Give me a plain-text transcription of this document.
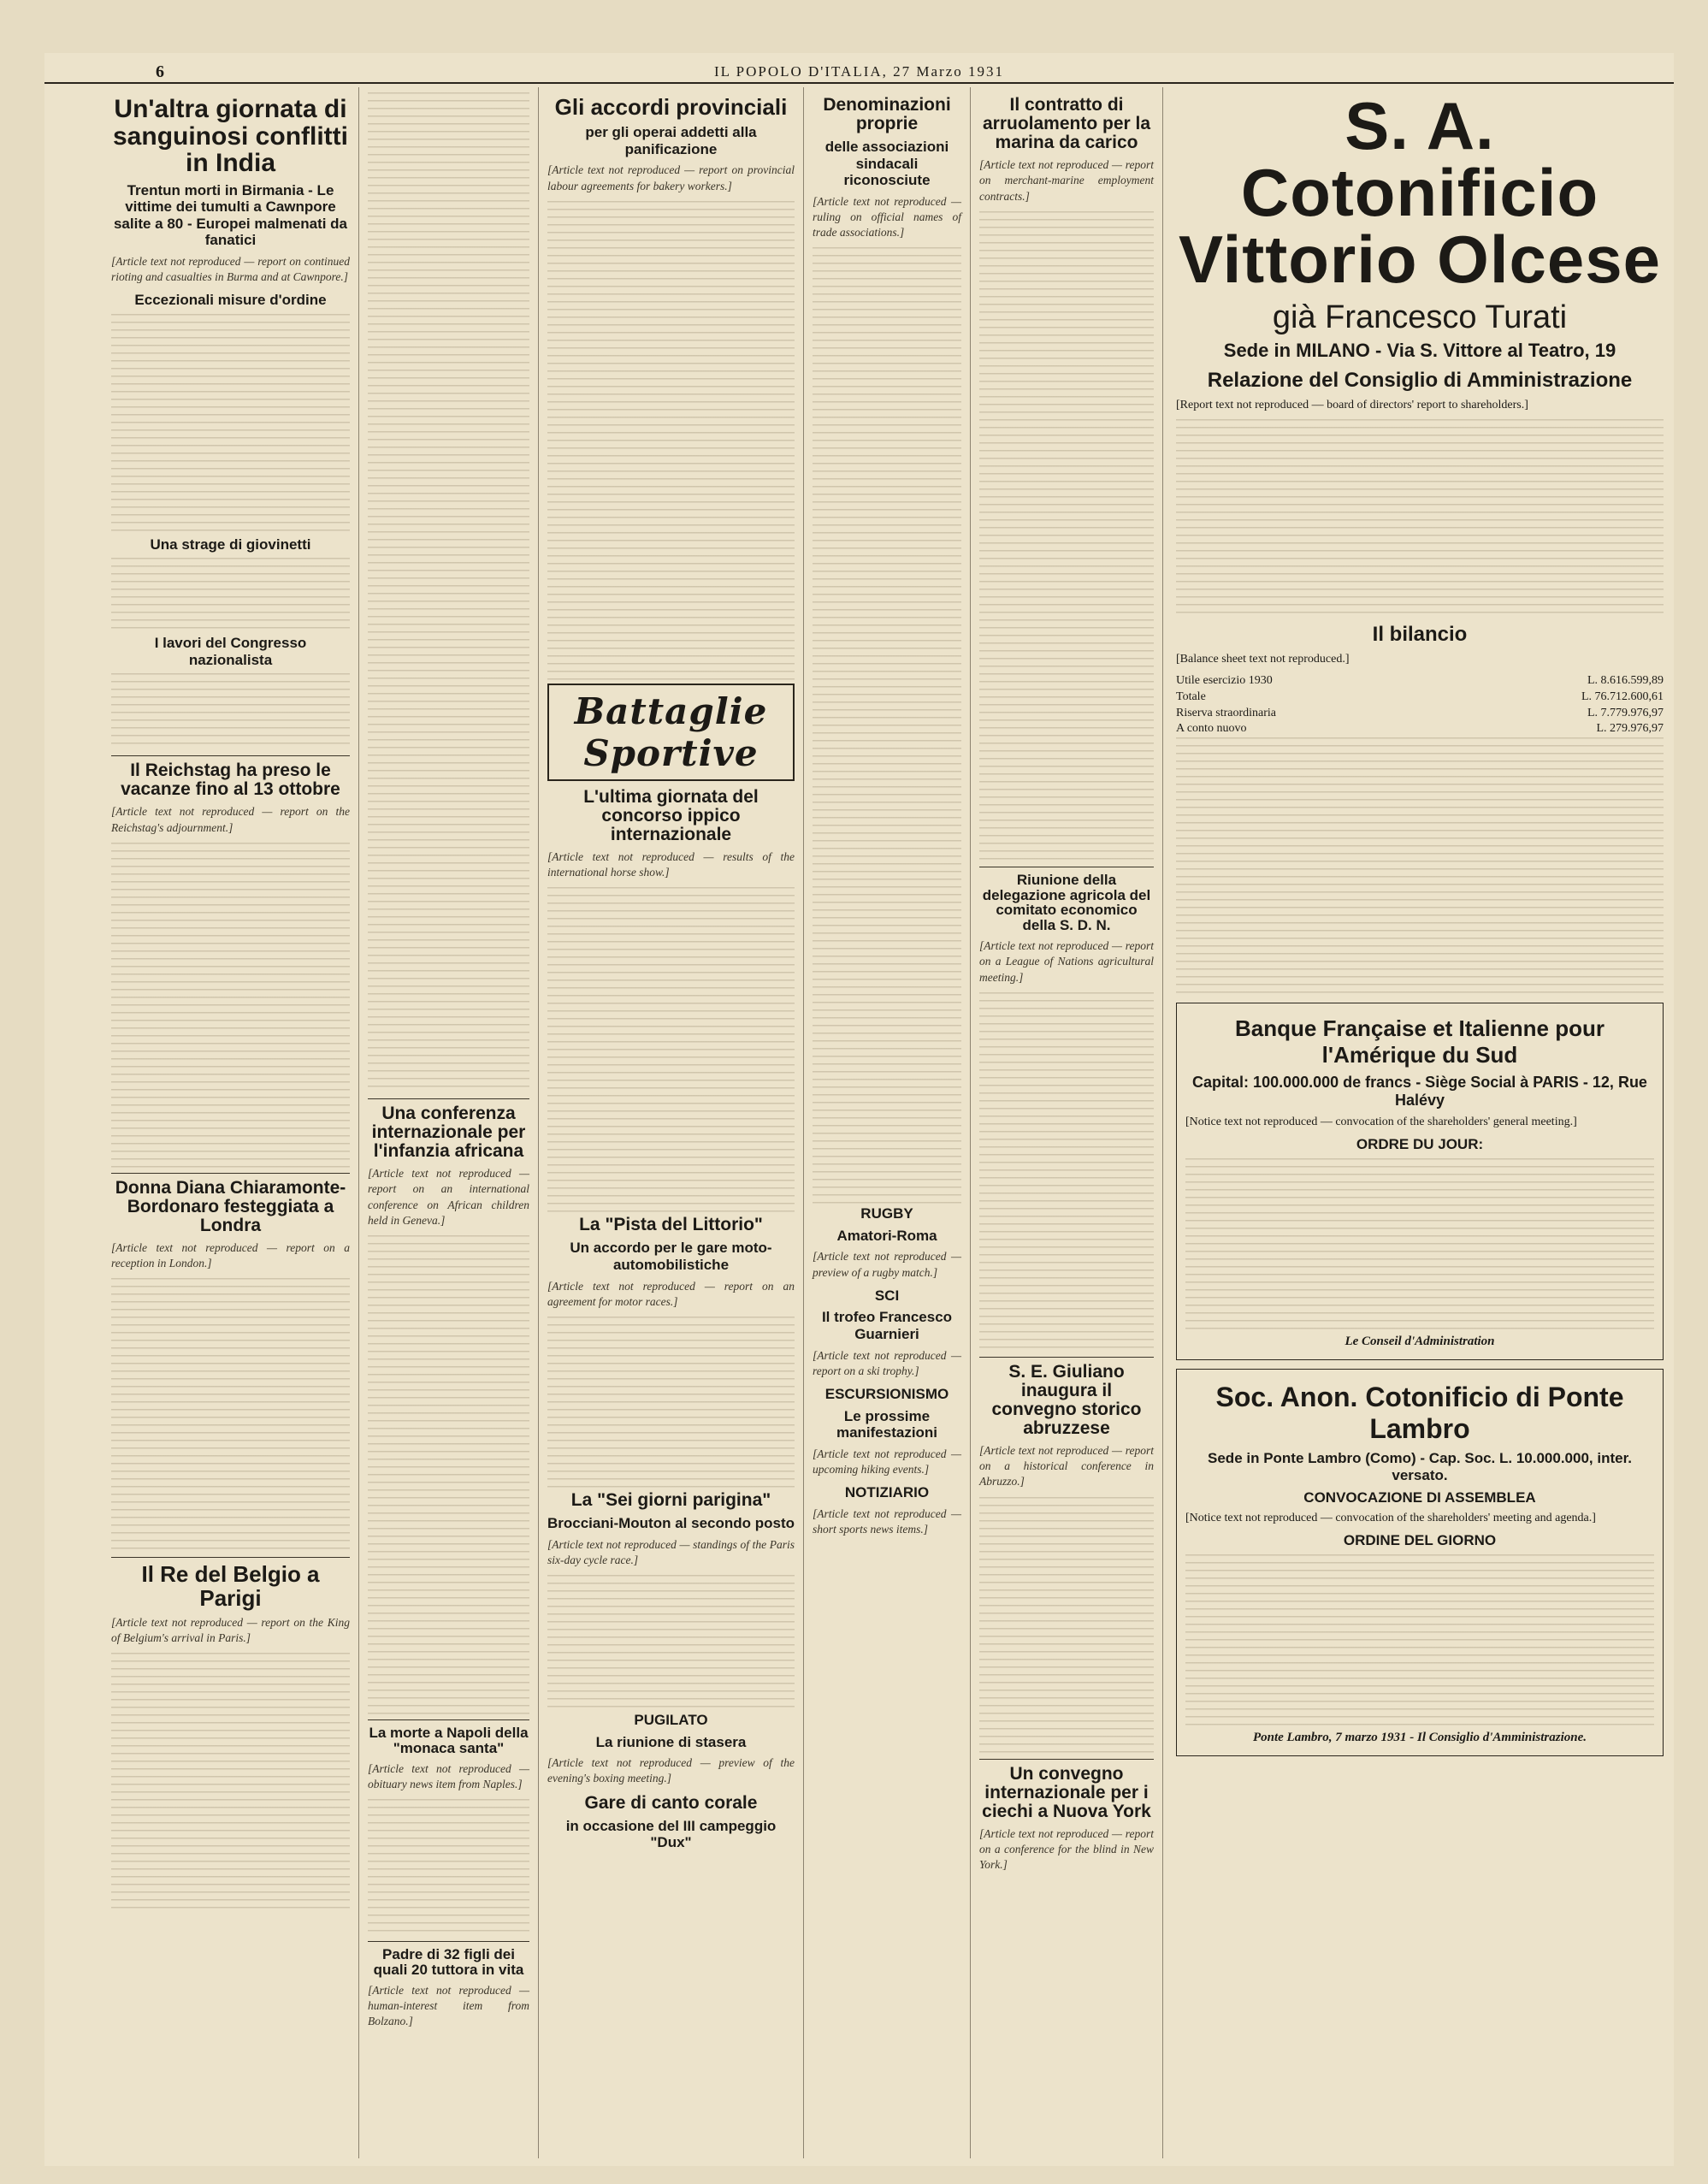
6	IL POPOLO D'ITALIA, 27 Marzo 1931
Un'altra giornata di sanguinosi conflitti in India
Trentun morti in Birmania - Le vittime dei tumulti a Cawnpore salite a 80 - Europei malmenati da fanatici

[Article text not reproduced — report on continued rioting and casualties in Burma and at Cawnpore.]

Eccezionali misure d'ordine
Una strage di giovinetti
I lavori del Congresso nazionalista
Il Reichstag ha preso le vacanze fino al 13 ottobre

[Article text not reproduced — report on the Reichstag's adjournment.]

Donna Diana Chiaramonte-Bordonaro festeggiata a Londra

[Article text not reproduced — report on a reception in London.]

Il Re del Belgio a Parigi

[Article text not reproduced — report on the King of Belgium's arrival in Paris.]

Una conferenza internazionale per l'infanzia africana

[Article text not reproduced — report on an international conference on African children held in Geneva.]

La morte a Napoli della "monaca santa"

[Article text not reproduced — obituary news item from Naples.]

Padre di 32 figli dei quali 20 tuttora in vita

[Article text not reproduced — human-interest item from Bolzano.]

Gli accordi provinciali
per gli operai addetti alla panificazione

[Article text not reproduced — report on provincial labour agreements for bakery workers.]

Battaglie Sportive
L'ultima giornata del concorso ippico internazionale

[Article text not reproduced — results of the international horse show.]

La "Pista del Littorio"
Un accordo per le gare moto-automobilistiche

[Article text not reproduced — report on an agreement for motor races.]

La "Sei giorni parigina"
Brocciani-Mouton al secondo posto

[Article text not reproduced — standings of the Paris six-day cycle race.]

PUGILATO
La riunione di stasera

[Article text not reproduced — preview of the evening's boxing meeting.]

Gare di canto corale
in occasione del III campeggio "Dux"
Denominazioni proprie
delle associazioni sindacali riconosciute

[Article text not reproduced — ruling on official names of trade associations.]

RUGBY
Amatori-Roma

[Article text not reproduced — preview of a rugby match.]

SCI
Il trofeo Francesco Guarnieri

[Article text not reproduced — report on a ski trophy.]

ESCURSIONISMO
Le prossime manifestazioni

[Article text not reproduced — upcoming hiking events.]

NOTIZIARIO

[Article text not reproduced — short sports news items.]

Il contratto di arruolamento per la marina da carico

[Article text not reproduced — report on merchant-marine employment contracts.]

Riunione della delegazione agricola del comitato economico della S. D. N.

[Article text not reproduced — report on a League of Nations agricultural meeting.]

S. E. Giuliano inaugura il convegno storico abruzzese

[Article text not reproduced — report on a historical conference in Abruzzo.]

Un convegno internazionale per i ciechi a Nuova York

[Article text not reproduced — report on a conference for the blind in New York.]

S. A. Cotonificio Vittorio Olcese
già Francesco Turati
Sede in MILANO - Via S. Vittore al Teatro, 19
Relazione del Consiglio di Amministrazione

[Report text not reproduced — board of directors' report to shareholders.]

Il bilancio

[Balance sheet text not reproduced.]

Utile esercizio 1930	L. 8.616.599,89
Totale	L. 76.712.600,61
Riserva straordinaria	L. 7.779.976,97
A conto nuovo	L. 279.976,97
Banque Française et Italienne pour l'Amérique du Sud
Capital: 100.000.000 de francs - Siège Social à PARIS - 12, Rue Halévy

[Notice text not reproduced — convocation of the shareholders' general meeting.]

ORDRE DU JOUR:
Le Conseil d'Administration
Soc. Anon. Cotonificio di Ponte Lambro
Sede in Ponte Lambro (Como) - Cap. Soc. L. 10.000.000, inter. versato.
CONVOCAZIONE DI ASSEMBLEA

[Notice text not reproduced — convocation of the shareholders' meeting and agenda.]

ORDINE DEL GIORNO
Ponte Lambro, 7 marzo 1931 - Il Consiglio d'Amministrazione.
